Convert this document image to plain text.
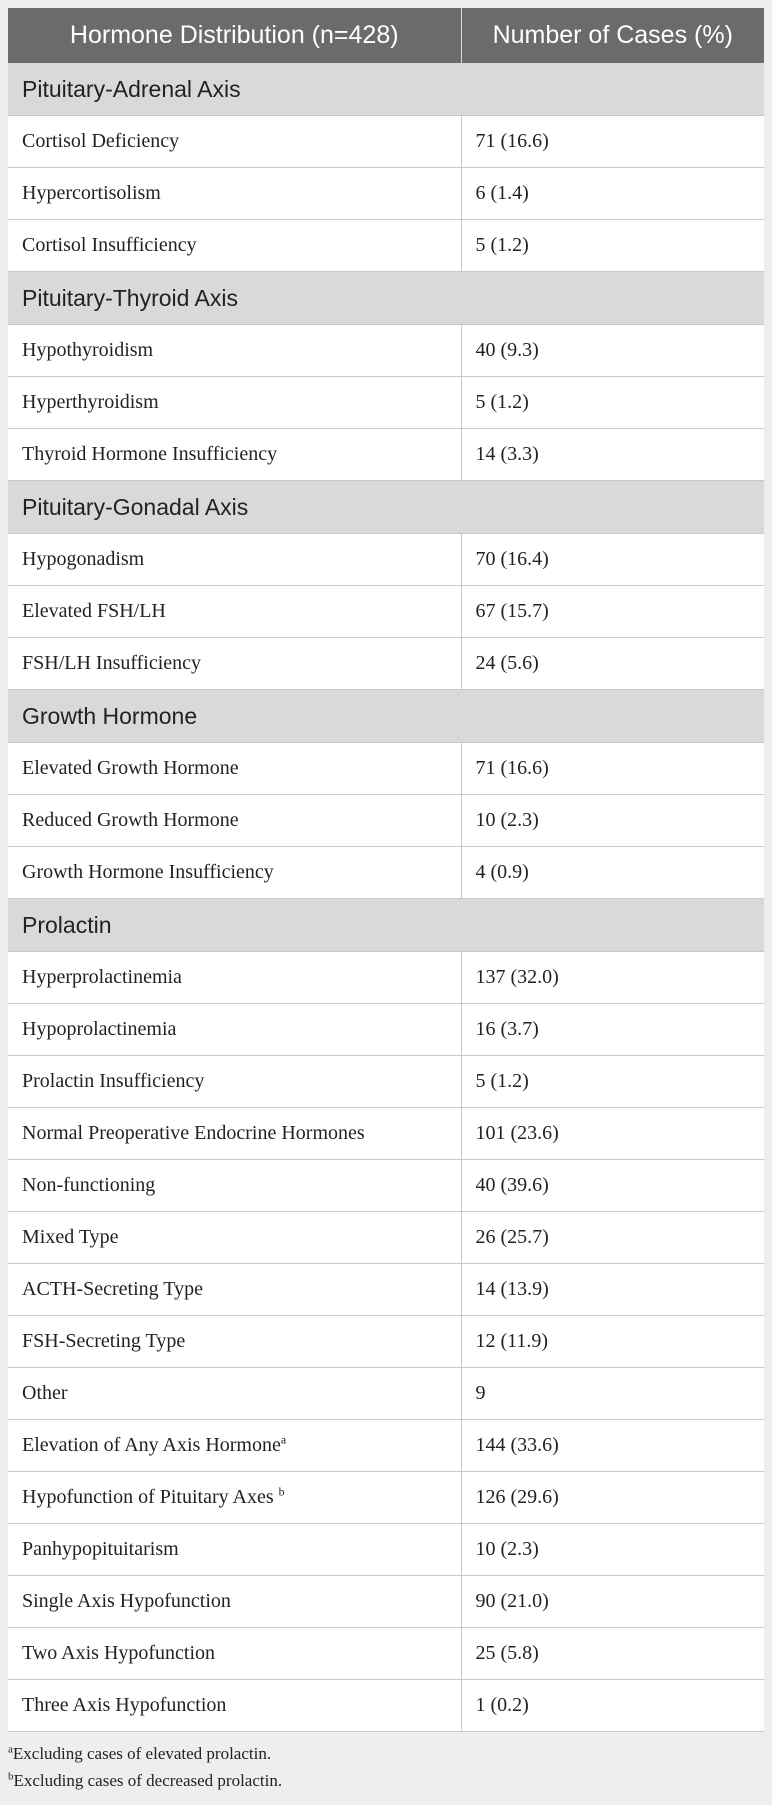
Hormone Distribution (n=428)	Number of Cases (%)
Pituitary-Adrenal Axis	
Cortisol Deficiency	71 (16.6)
Hypercortisolism	6 (1.4)
Cortisol Insufficiency	5 (1.2)
Pituitary-Thyroid Axis	
Hypothyroidism	40 (9.3)
Hyperthyroidism	5 (1.2)
Thyroid Hormone Insufficiency	14 (3.3)
Pituitary-Gonadal Axis	
Hypogonadism	70 (16.4)
Elevated FSH/LH	67 (15.7)
FSH/LH Insufficiency	24 (5.6)
Growth Hormone	
Elevated Growth Hormone	71 (16.6)
Reduced Growth Hormone	10 (2.3)
Growth Hormone Insufficiency	4 (0.9)
Prolactin	
Hyperprolactinemia	137 (32.0)
Hypoprolactinemia	16 (3.7)
Prolactin Insufficiency	5 (1.2)
Normal Preoperative Endocrine Hormones	101 (23.6)
Non-functioning	40 (39.6)
Mixed Type	26 (25.7)
ACTH-Secreting Type	14 (13.9)
FSH-Secreting Type	12 (11.9)
Other	9
Elevation of Any Axis Hormone$^a$	144 (33.6)
Hypofunction of Pituitary Axes $^b$	126 (29.6)
Panhypopituitarism	10 (2.3)
Single Axis Hypofunction	90 (21.0)
Two Axis Hypofunction	25 (5.8)
Three Axis Hypofunction	1 (0.2)
$^a$Excluding cases of elevated prolactin.
$^b$Excluding cases of decreased prolactin.
